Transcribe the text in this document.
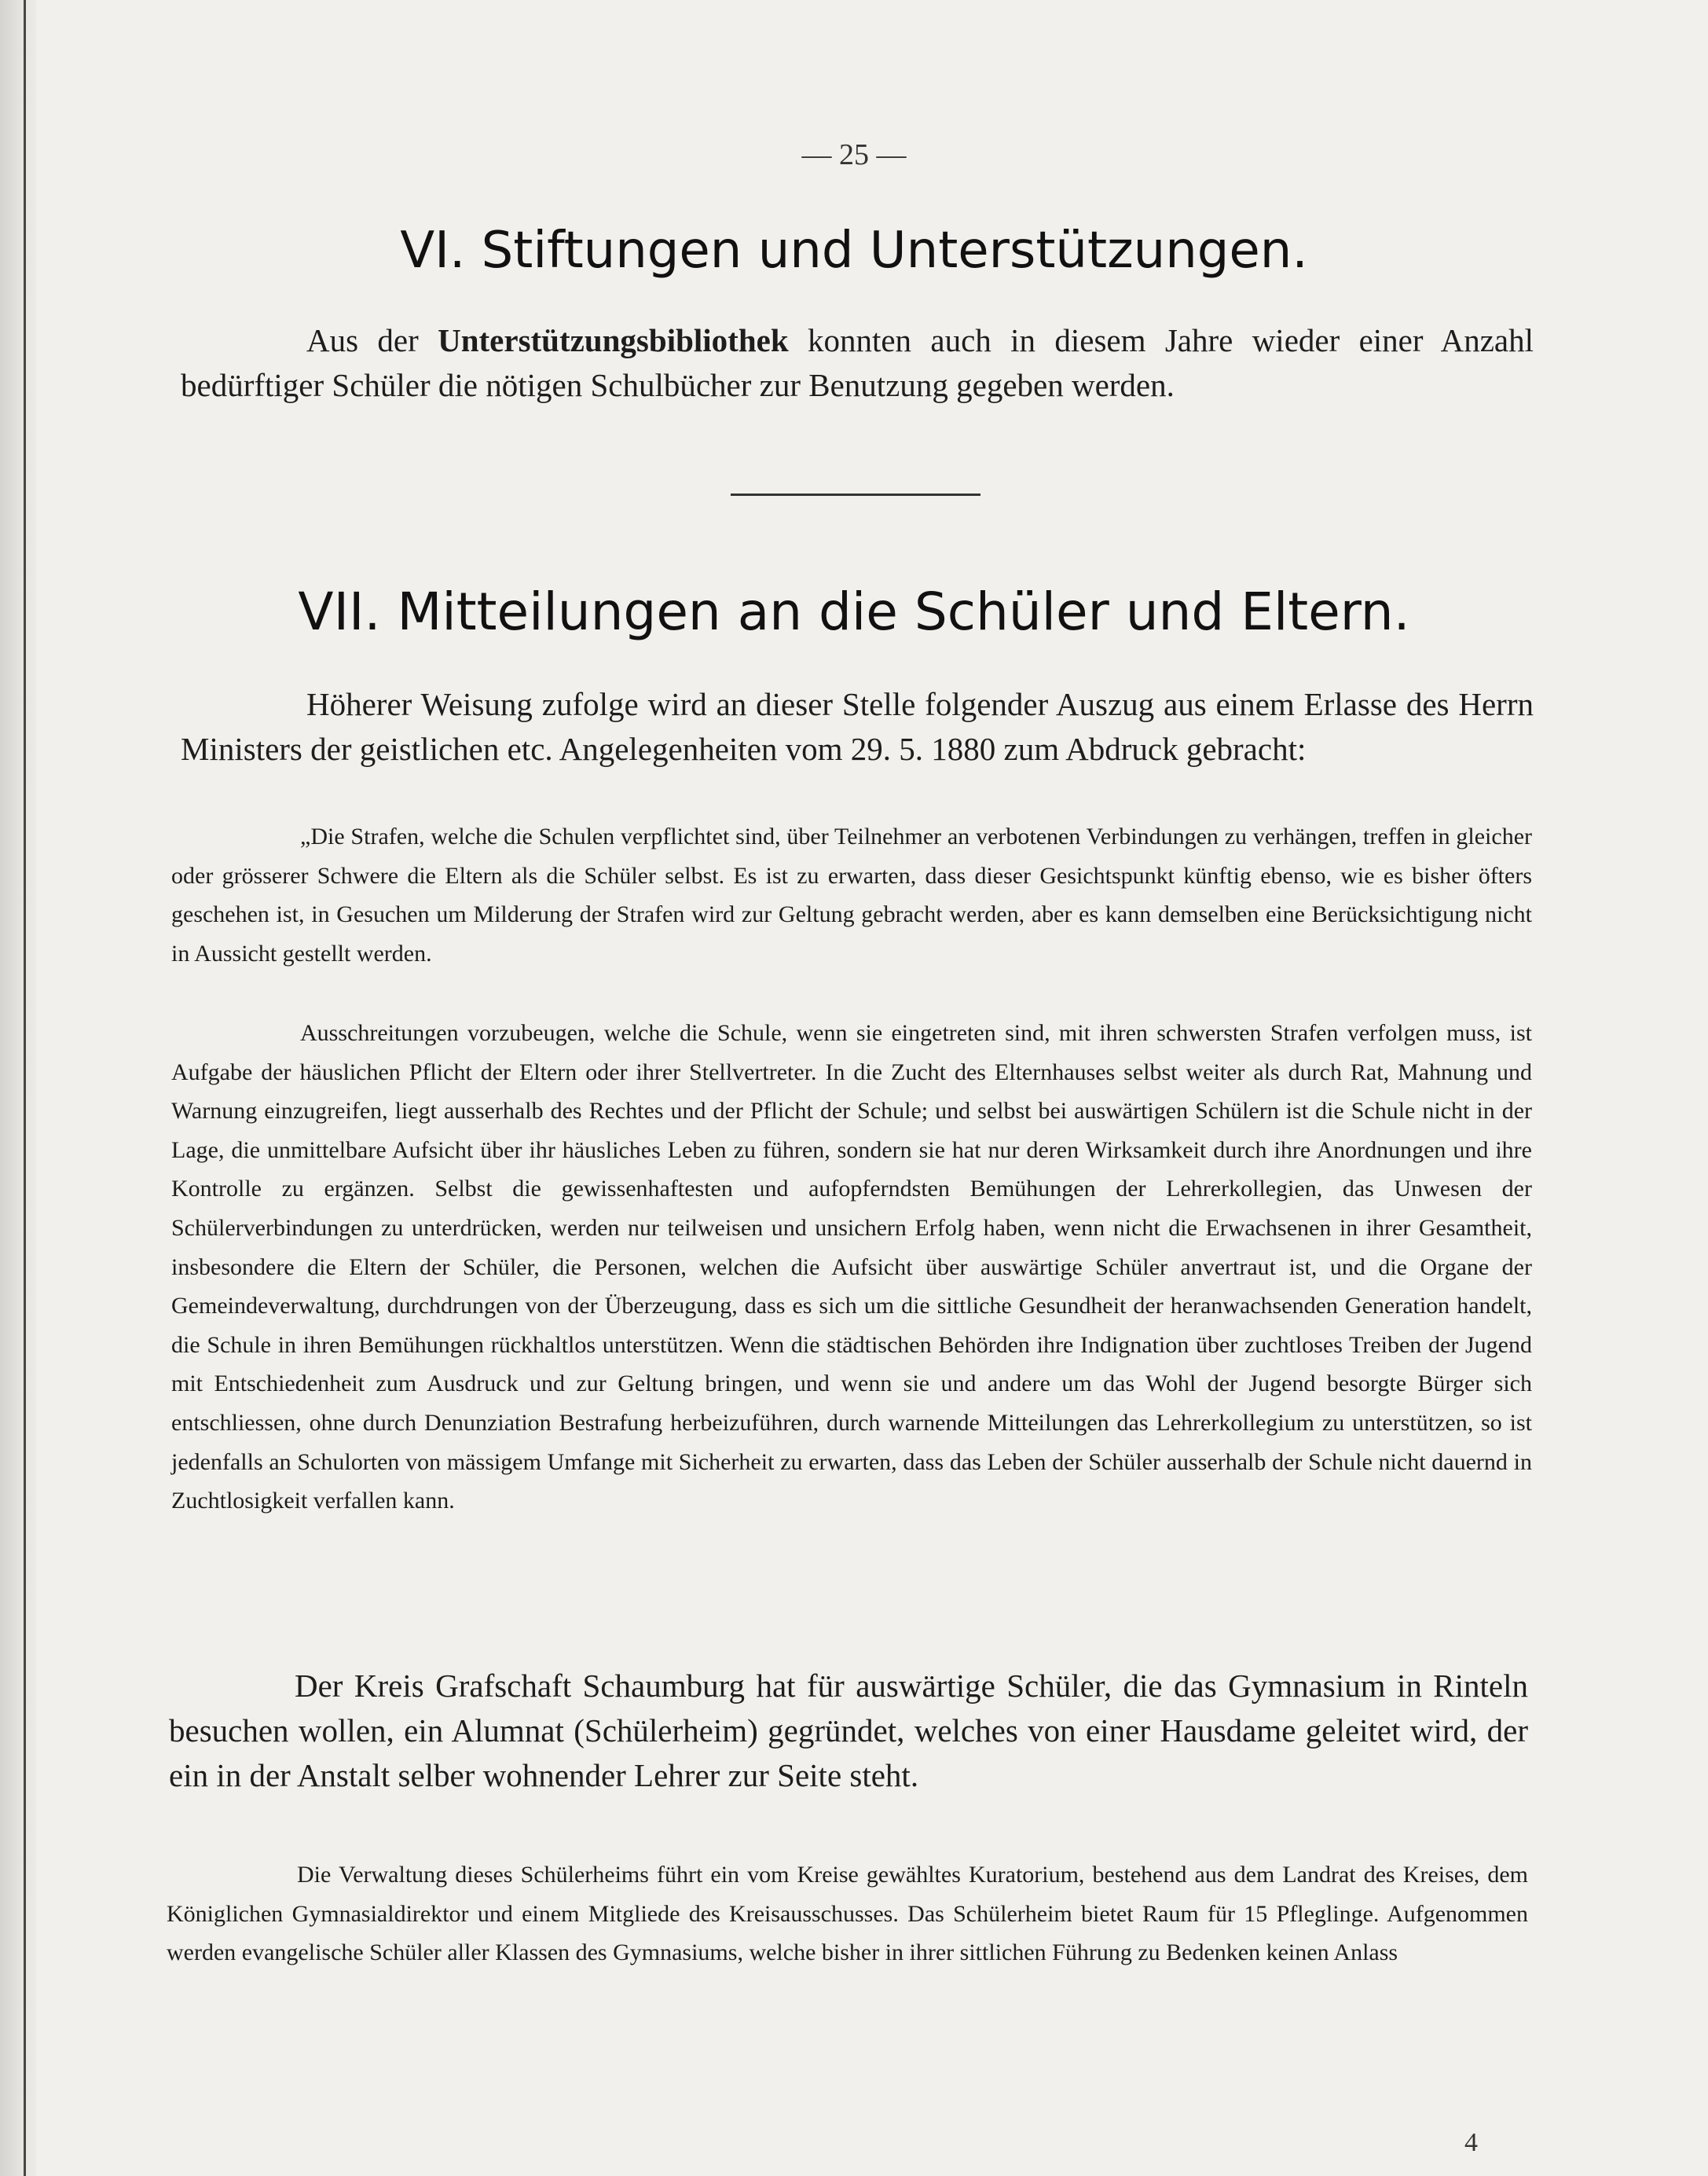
— 25 —
VI. Stiftungen und Unterstützungen.

Aus der Unterstützungsbibliothek konnten auch in diesem Jahre wieder einer Anzahl bedürftiger Schüler die nötigen Schulbücher zur Benutzung gegeben werden.

VII. Mitteilungen an die Schüler und Eltern.

Höherer Weisung zufolge wird an dieser Stelle folgender Auszug aus einem Erlasse des Herrn Ministers der geistlichen etc. Angelegenheiten vom 29. 5. 1880 zum Abdruck gebracht:

„Die Strafen, welche die Schulen verpflichtet sind, über Teilnehmer an verbotenen Verbindungen zu verhängen, treffen in gleicher oder grösserer Schwere die Eltern als die Schüler selbst. Es ist zu erwarten, dass dieser Gesichtspunkt künftig ebenso, wie es bisher öfters geschehen ist, in Gesuchen um Milderung der Strafen wird zur Geltung gebracht werden, aber es kann demselben eine Berücksichtigung nicht in Aussicht gestellt werden.

Ausschreitungen vorzubeugen, welche die Schule, wenn sie eingetreten sind, mit ihren schwersten Strafen verfolgen muss, ist Aufgabe der häuslichen Pflicht der Eltern oder ihrer Stellvertreter. In die Zucht des Elternhauses selbst weiter als durch Rat, Mahnung und Warnung einzugreifen, liegt ausserhalb des Rechtes und der Pflicht der Schule; und selbst bei auswärtigen Schülern ist die Schule nicht in der Lage, die unmittelbare Aufsicht über ihr häusliches Leben zu führen, sondern sie hat nur deren Wirksamkeit durch ihre Anordnungen und ihre Kontrolle zu ergänzen. Selbst die gewissenhaftesten und aufopferndsten Bemühungen der Lehrerkollegien, das Unwesen der Schülerverbindungen zu unterdrücken, werden nur teilweisen und unsichern Erfolg haben, wenn nicht die Erwachsenen in ihrer Gesamtheit, insbesondere die Eltern der Schüler, die Personen, welchen die Aufsicht über auswärtige Schüler anvertraut ist, und die Organe der Gemeindeverwaltung, durchdrungen von der Überzeugung, dass es sich um die sittliche Gesundheit der heranwachsenden Generation handelt, die Schule in ihren Bemühungen rückhaltlos unterstützen. Wenn die städtischen Behörden ihre Indignation über zuchtloses Treiben der Jugend mit Entschiedenheit zum Ausdruck und zur Geltung bringen, und wenn sie und andere um das Wohl der Jugend besorgte Bürger sich entschliessen, ohne durch Denunziation Bestrafung herbeizuführen, durch warnende Mitteilungen das Lehrerkollegium zu unterstützen, so ist jedenfalls an Schulorten von mässigem Umfange mit Sicherheit zu erwarten, dass das Leben der Schüler ausserhalb der Schule nicht dauernd in Zuchtlosigkeit verfallen kann.

Der Kreis Grafschaft Schaumburg hat für auswärtige Schüler, die das Gymnasium in Rinteln besuchen wollen, ein Alumnat (Schülerheim) gegründet, welches von einer Hausdame geleitet wird, der ein in der Anstalt selber wohnender Lehrer zur Seite steht.

Die Verwaltung dieses Schülerheims führt ein vom Kreise gewähltes Kuratorium, bestehend aus dem Landrat des Kreises, dem Königlichen Gymnasialdirektor und einem Mitgliede des Kreisausschusses. Das Schülerheim bietet Raum für 15 Pfleglinge. Aufgenommen werden evangelische Schüler aller Klassen des Gymnasiums, welche bisher in ihrer sittlichen Führung zu Bedenken keinen Anlass

4
